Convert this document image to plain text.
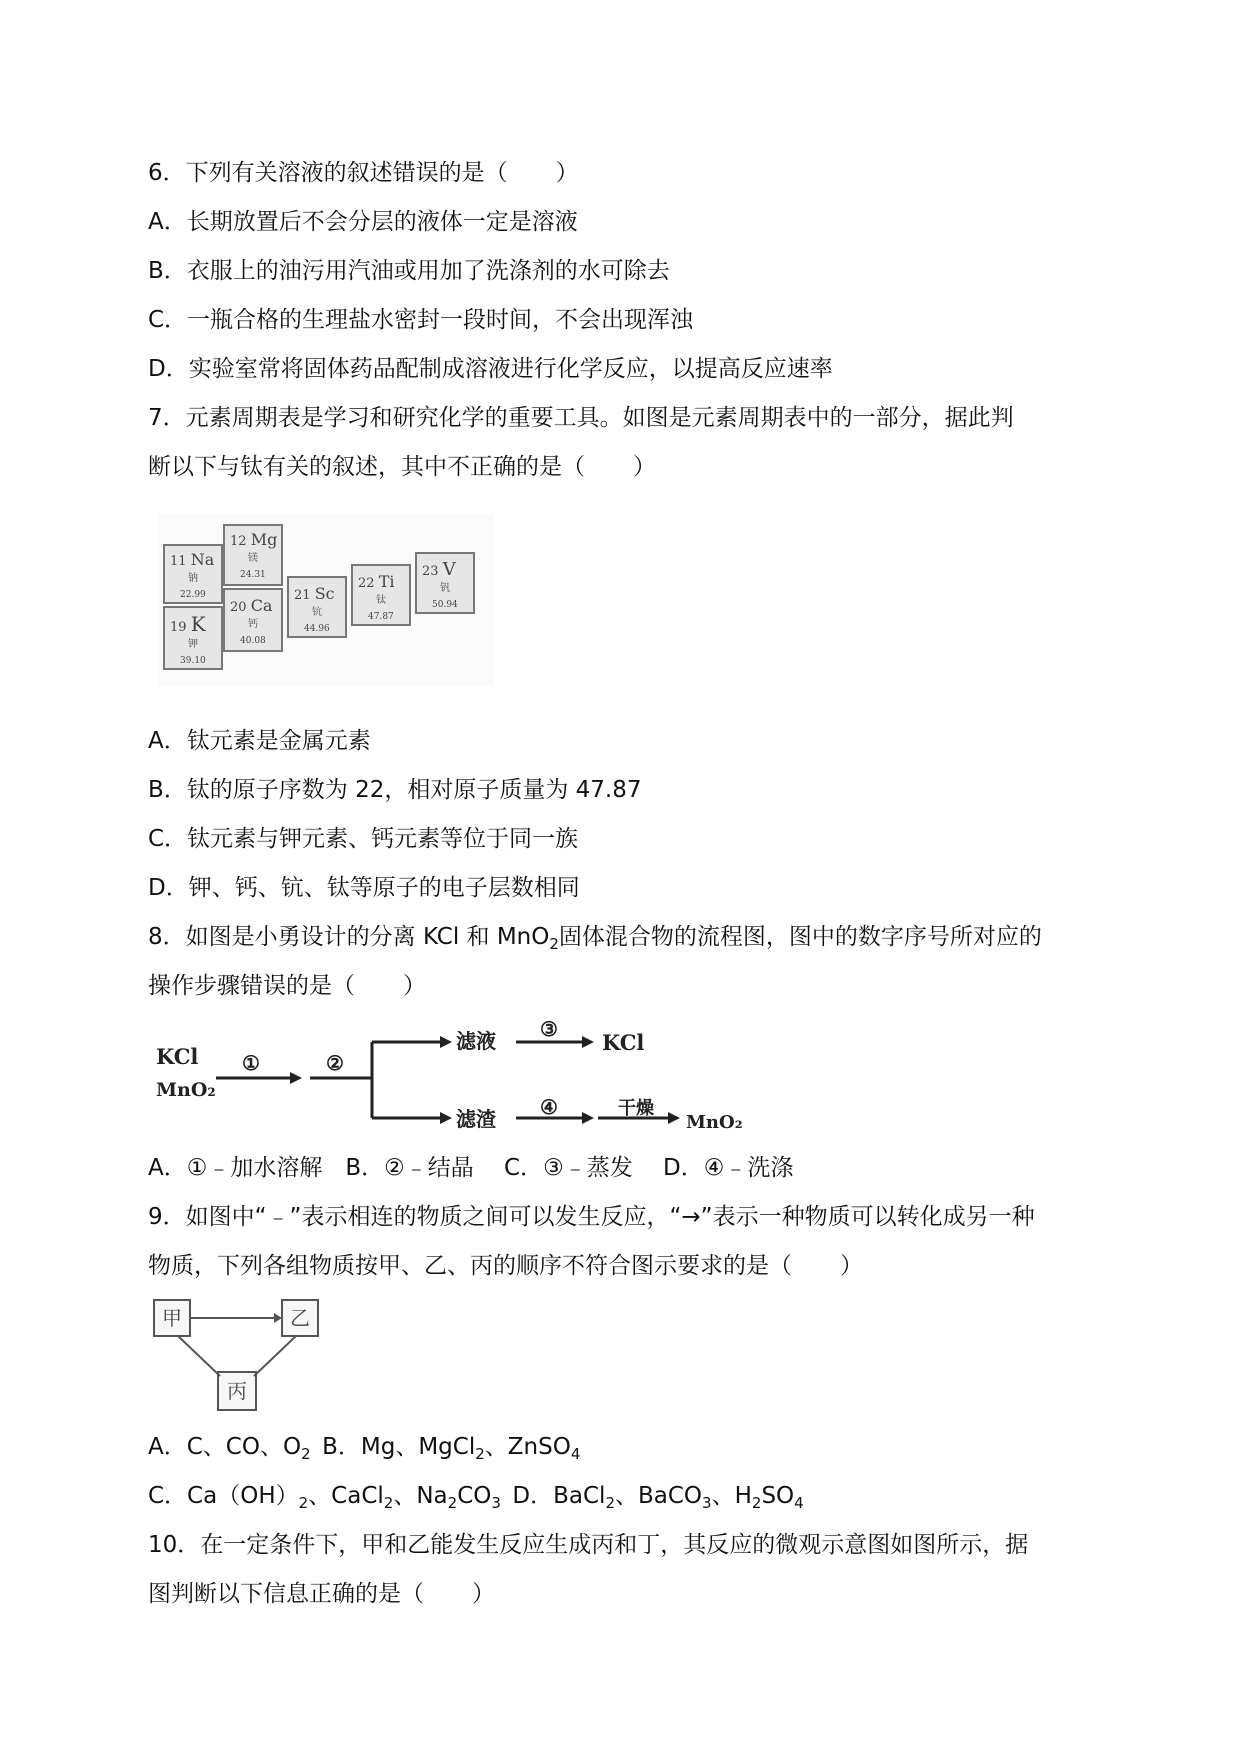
6．下列有关溶液的叙述错误的是（ ）
A．长期放置后不会分层的液体一定是溶液
B．衣服上的油污用汽油或用加了洗涤剂的水可除去
C．一瓶合格的生理盐水密封一段时间，不会出现浑浊
D．实验室常将固体药品配制成溶液进行化学反应，以提高反应速率
7．元素周期表是学习和研究化学的重要工具。如图是元素周期表中的一部分，据此判
断以下与钛有关的叙述，其中不正确的是（ ）
11 Na
钠
22.99
12 Mg
镁
24.31
19 K
钾
39.10
20 Ca
钙
40.08
21 Sc
钪
44.96
22 Ti
钛
47.87
23 V
钒
50.94
A．钛元素是金属元素
B．钛的原子序数为 22，相对原子质量为 47.87
C．钛元素与钾元素、钙元素等位于同一族
D．钾、钙、钪、钛等原子的电子层数相同
8．如图是小勇设计的分离 KCl 和 MnO$_2$固体混合物的流程图，图中的数字序号所对应的
操作步骤错误的是（ ）
KCl
MnO₂
①	②
滤液
滤渣
③
④
KCl
干燥
MnO₂
A．①﹣加水溶解　B．②﹣结晶　 C．③﹣蒸发　 D．④﹣洗涤
9．如图中“﹣”表示相连的物质之间可以发生反应，“→”表示一种物质可以转化成另一种
物质，下列各组物质按甲、乙、丙的顺序不符合图示要求的是（ ）
甲	乙
丙
A．C、CO、$O_2$  B．Mg、MgCl$_2$、ZnSO$_4$
C．$Ca(OH)_2$、CaCl$_2$、$Na_2CO_3$  D．BaCl$_2$、BaCO$_3$、$H_2SO_4$
10．在一定条件下，甲和乙能发生反应生成丙和丁，其反应的微观示意图如图所示，据
图判断以下信息正确的是（ ）
